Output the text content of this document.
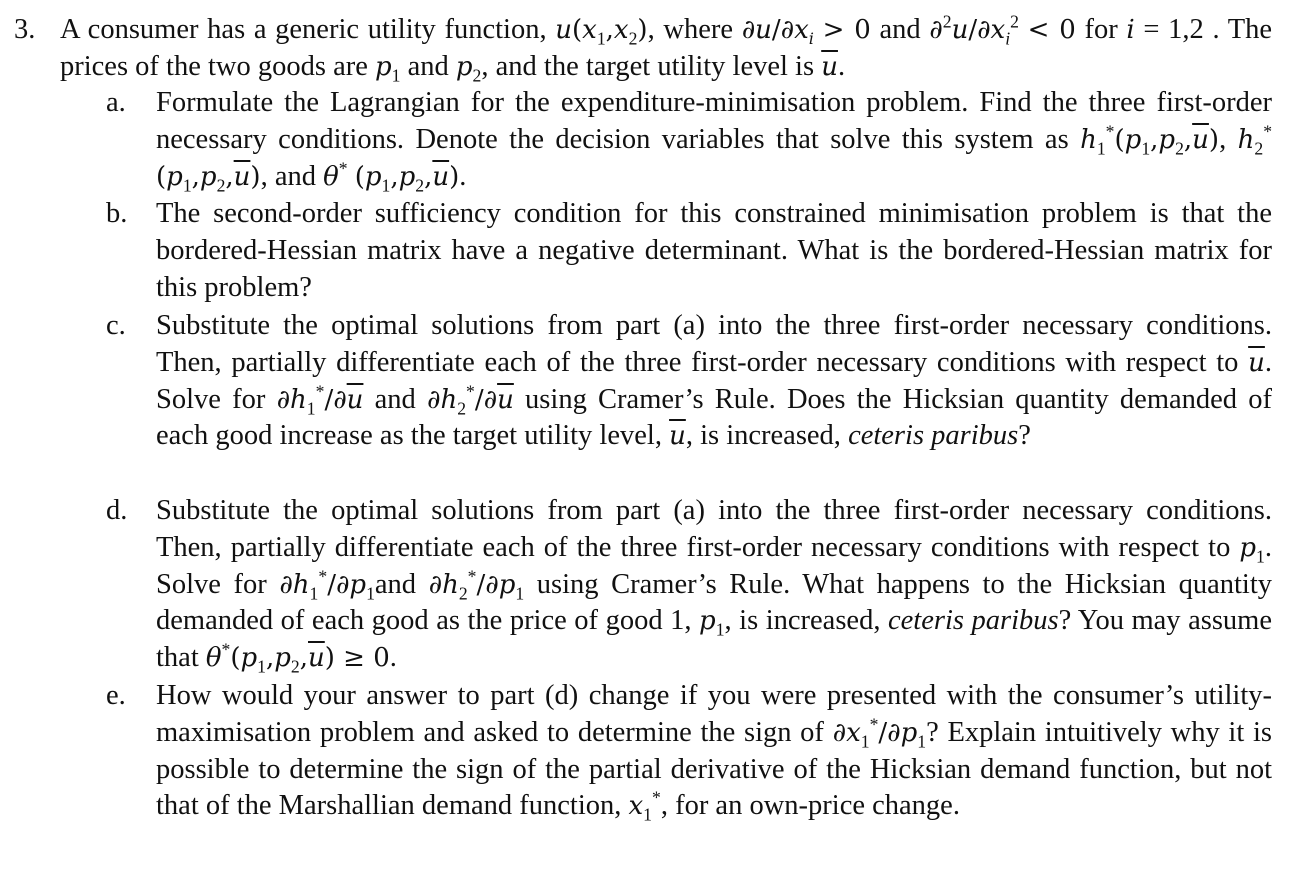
3. A consumer has a generic utility function, $u(x_1,x_2)$, where $\partial u/\partial x_i > 0$ and $\partial^2u/\partial x_i^2 < 0$ for i = 1,2 . The prices of the two goods are $p_1$ and $p_2$, and the target utility level is $\overline{u}$.
a. Formulate the Lagrangian for the expenditure-minimisation problem. Find the three first-order necessary conditions. Denote the decision variables that solve this system as $h_1^*(p_1,p_2,\overline{u})$, $h_2^*(p_1,p_2,\overline{u})$, and θ* $(p_1,p_2,\overline{u})$.
b. The second-order sufficiency condition for this constrained minimisation problem is that the bordered-Hessian matrix have a negative determinant. What is the bordered-Hessian matrix for this problem?
c. Substitute the optimal solutions from part (a) into the three first-order necessary conditions. Then, partially differentiate each of the three first-order necessary conditions with respect to $\overline{u}$. Solve for $\partial h_1^*/\partial\overline{u}$ and $\partial h_2^*/\partial\overline{u}$ using Cramer’s Rule. Does the Hicksian quantity demanded of each good increase as the target utility level, $\overline{u}$, is increased, ceteris paribus?
d. Substitute the optimal solutions from part (a) into the three first-order necessary conditions. Then, partially differentiate each of the three first-order necessary conditions with respect to $p_1$. Solve for $\partial h_1^*/\partial p_1and$ $\partial h_2^*/\partial p_1$ using Cramer’s Rule. What happens to the Hicksian quantity demanded of each good as the price of good 1, $p_1$, is increased, ceteris paribus? You may assume that $\theta^*(p_1,p_2,\overline{u}) \ge 0$.
e. How would your answer to part (d) change if you were presented with the consumer’s utility-maximisation problem and asked to determine the sign of $\partial x_1^*/\partial p_1$? Explain intuitively why it is possible to determine the sign of the partial derivative of the Hicksian demand function, but not that of the Marshallian demand function, $x_1^*$, for an own-price change.
